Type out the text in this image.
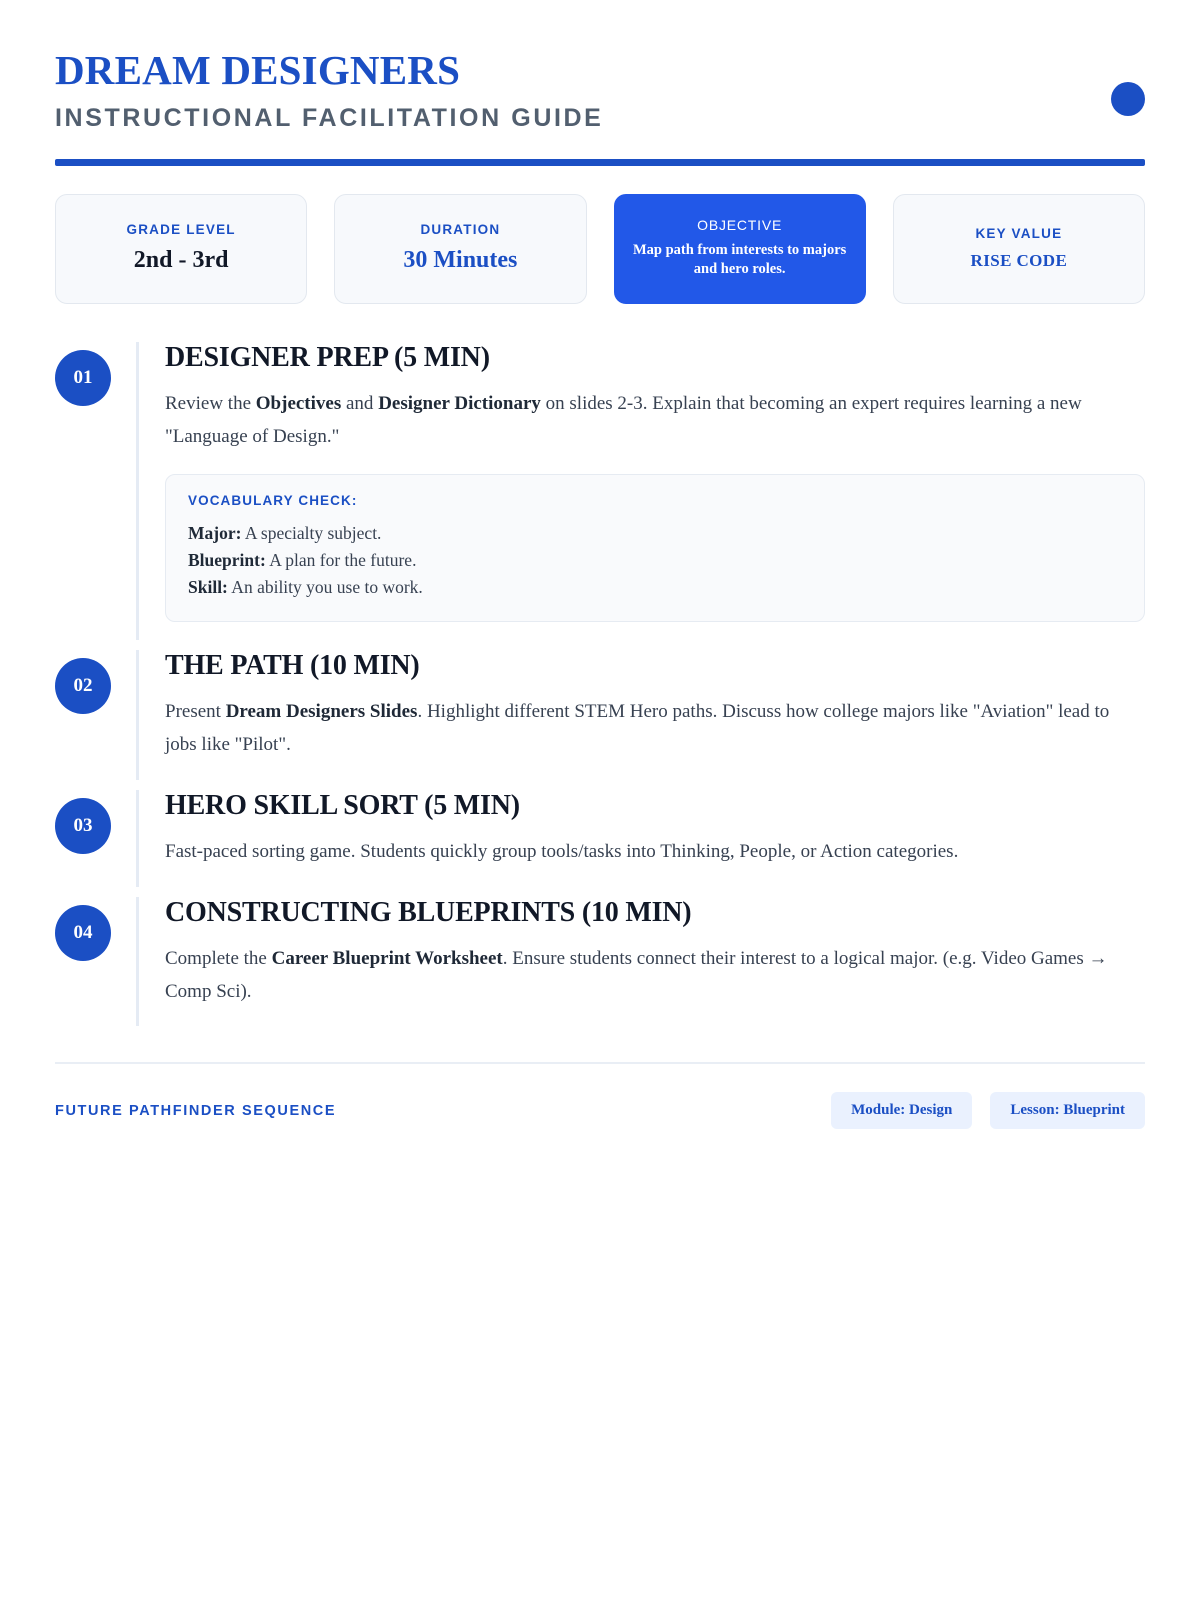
DREAM DESIGNERS
INSTRUCTIONAL FACILITATION GUIDE
GRADE LEVEL
2nd - 3rd
DURATION
30 Minutes
OBJECTIVE
Map path from interests to majors and hero roles.
KEY VALUE
RISE CODE
01
DESIGNER PREP (5 MIN)

Review the Objectives and Designer Dictionary on slides 2-3. Explain that becoming an expert requires learning a new "Language of Design."

VOCABULARY CHECK:
Major: A specialty subject.
Blueprint: A plan for the future.
Skill: An ability you use to work.
02
THE PATH (10 MIN)

Present Dream Designers Slides. Highlight different STEM Hero paths. Discuss how college majors like "Aviation" lead to jobs like "Pilot".

03
HERO SKILL SORT (5 MIN)

Fast-paced sorting game. Students quickly group tools/tasks into Thinking, People, or Action categories.

04
CONSTRUCTING BLUEPRINTS (10 MIN)

Complete the Career Blueprint Worksheet. Ensure students connect their interest to a logical major. (e.g. Video Games → Comp Sci).

FUTURE PATHFINDER SEQUENCE	Module: Design	Lesson: Blueprint
